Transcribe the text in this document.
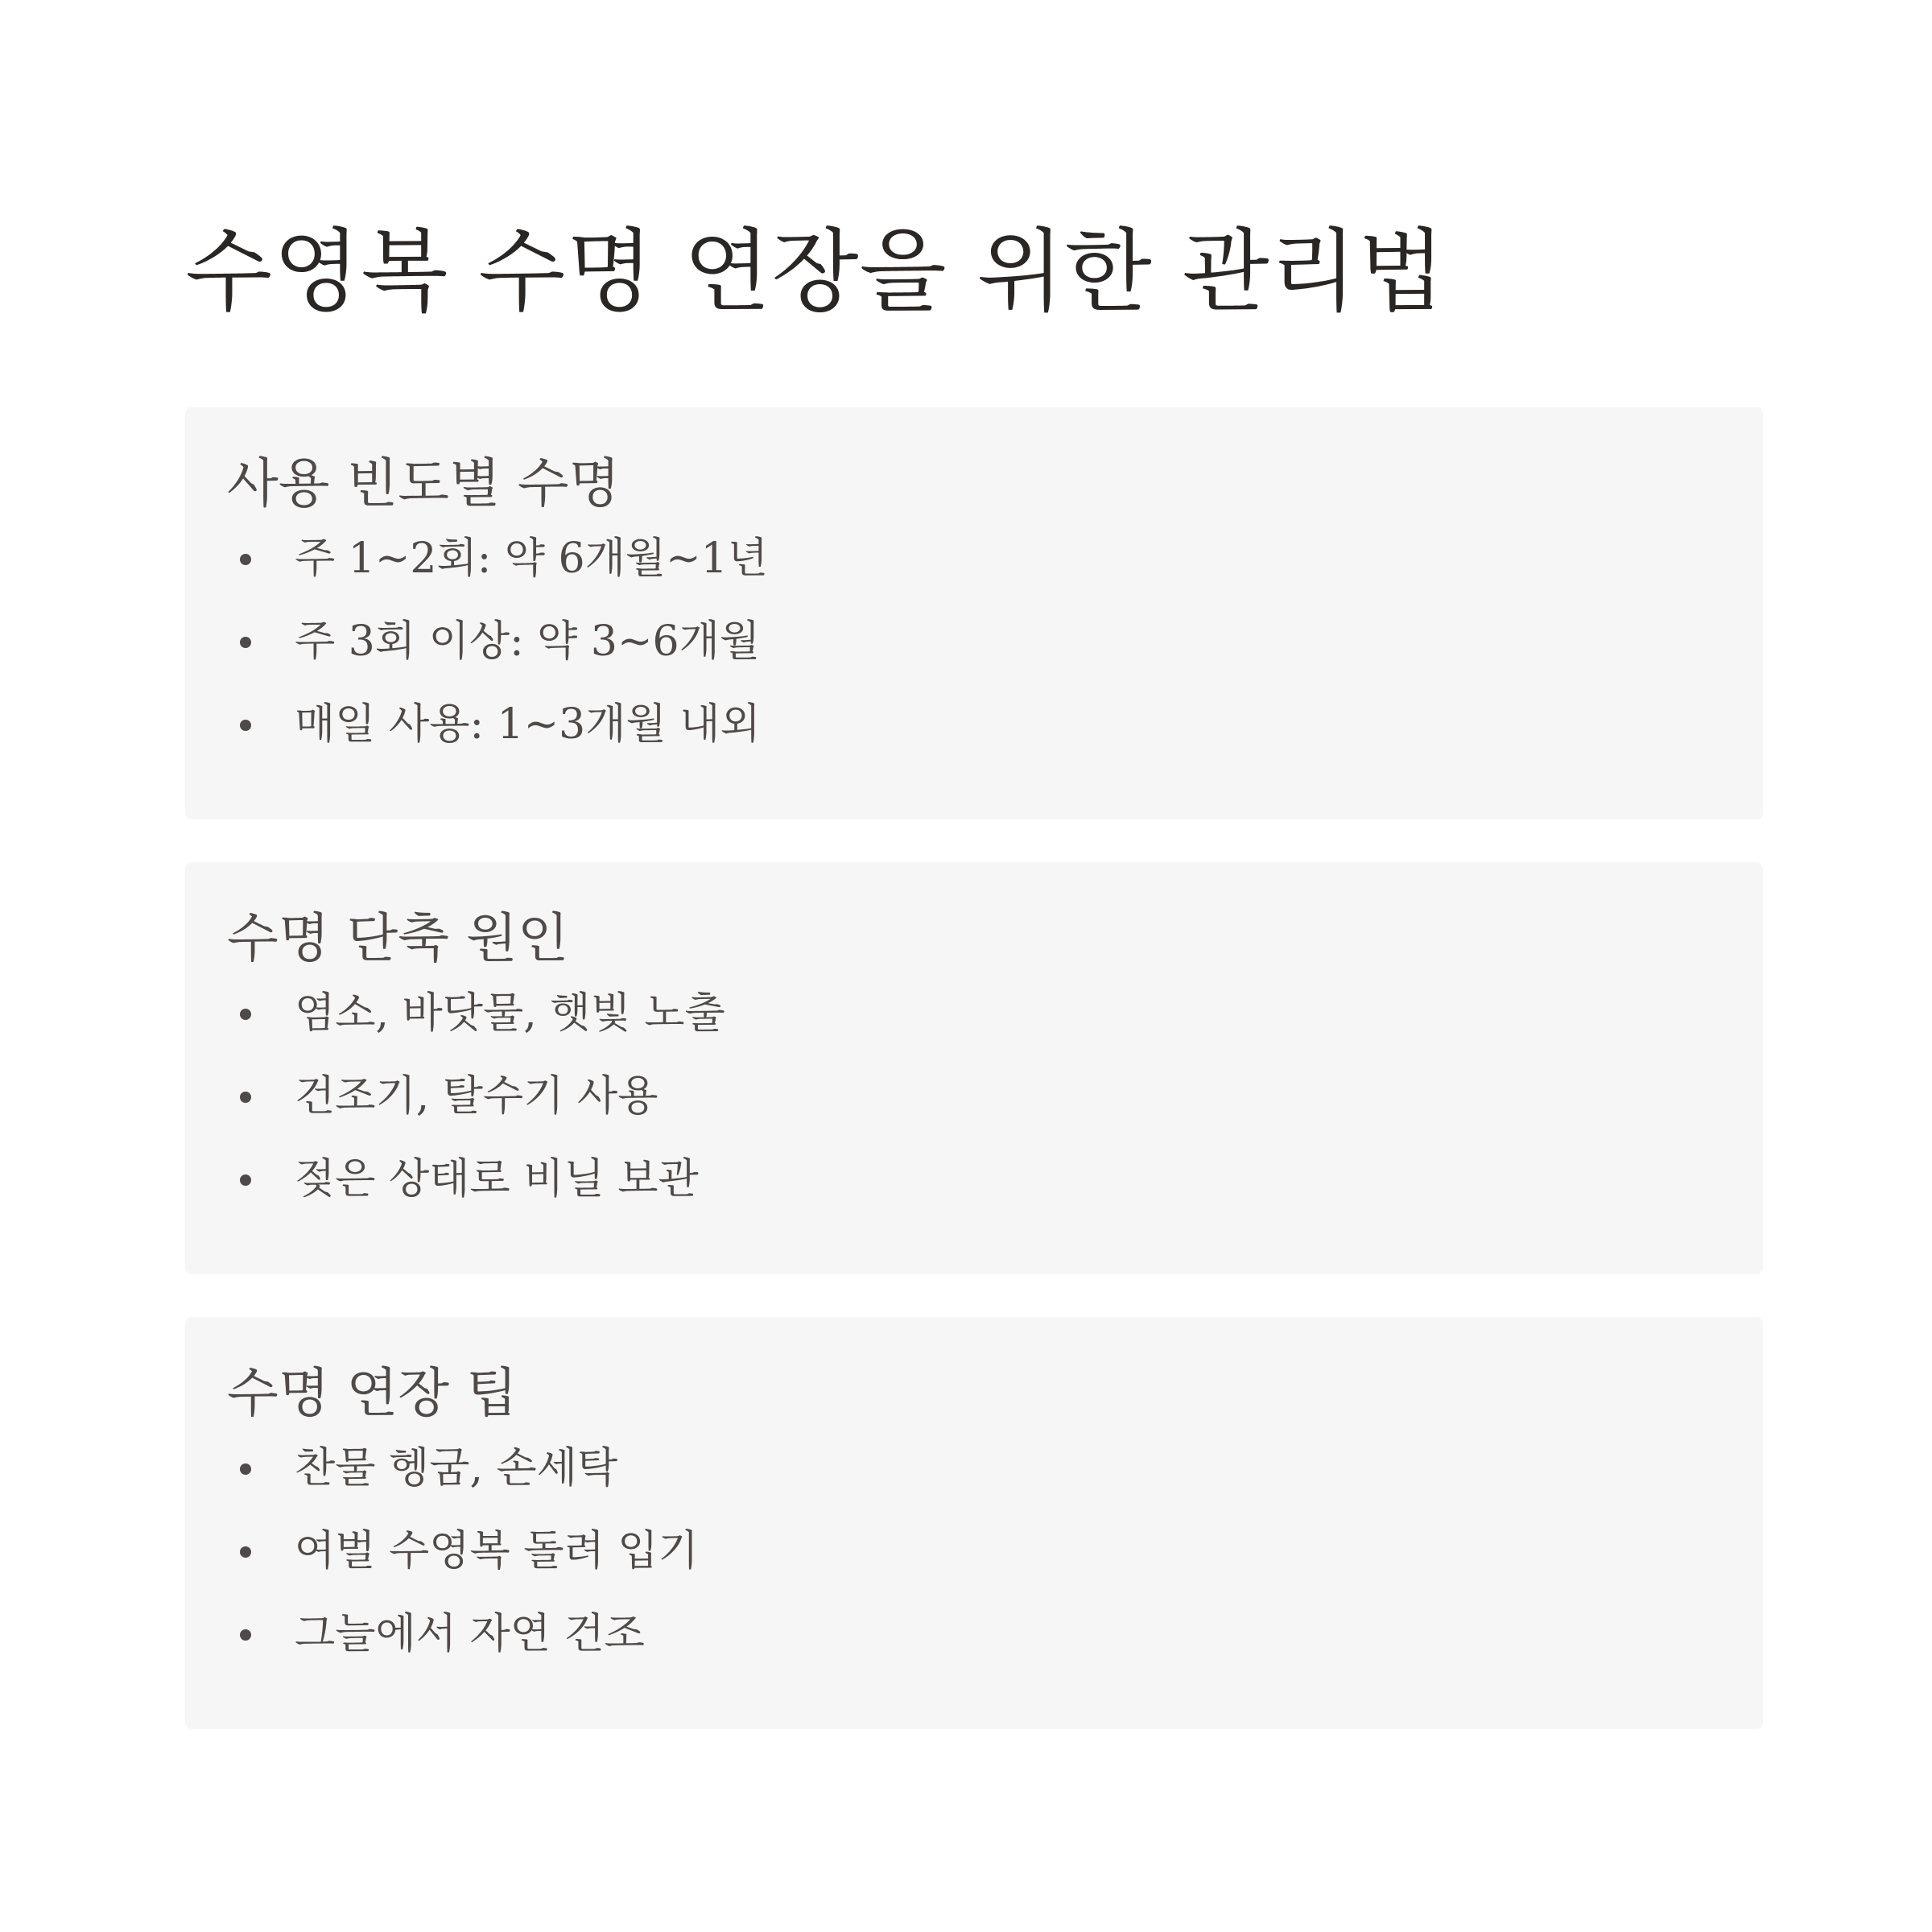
수영복 수명 연장을 위한 관리법
사용 빈도별 수명
주 1~2회: 약 6개월~1년
주 3회 이상: 약 3~6개월
매일 사용: 1~3개월 내외
수명 단축 원인
염소, 바닷물, 햇빛 노출
건조기, 탈수기 사용
젖은 상태로 비닐 보관
수명 연장 팁
찬물 헹굼, 손세탁
여벌 수영복 돌려 입기
그늘에서 자연 건조
